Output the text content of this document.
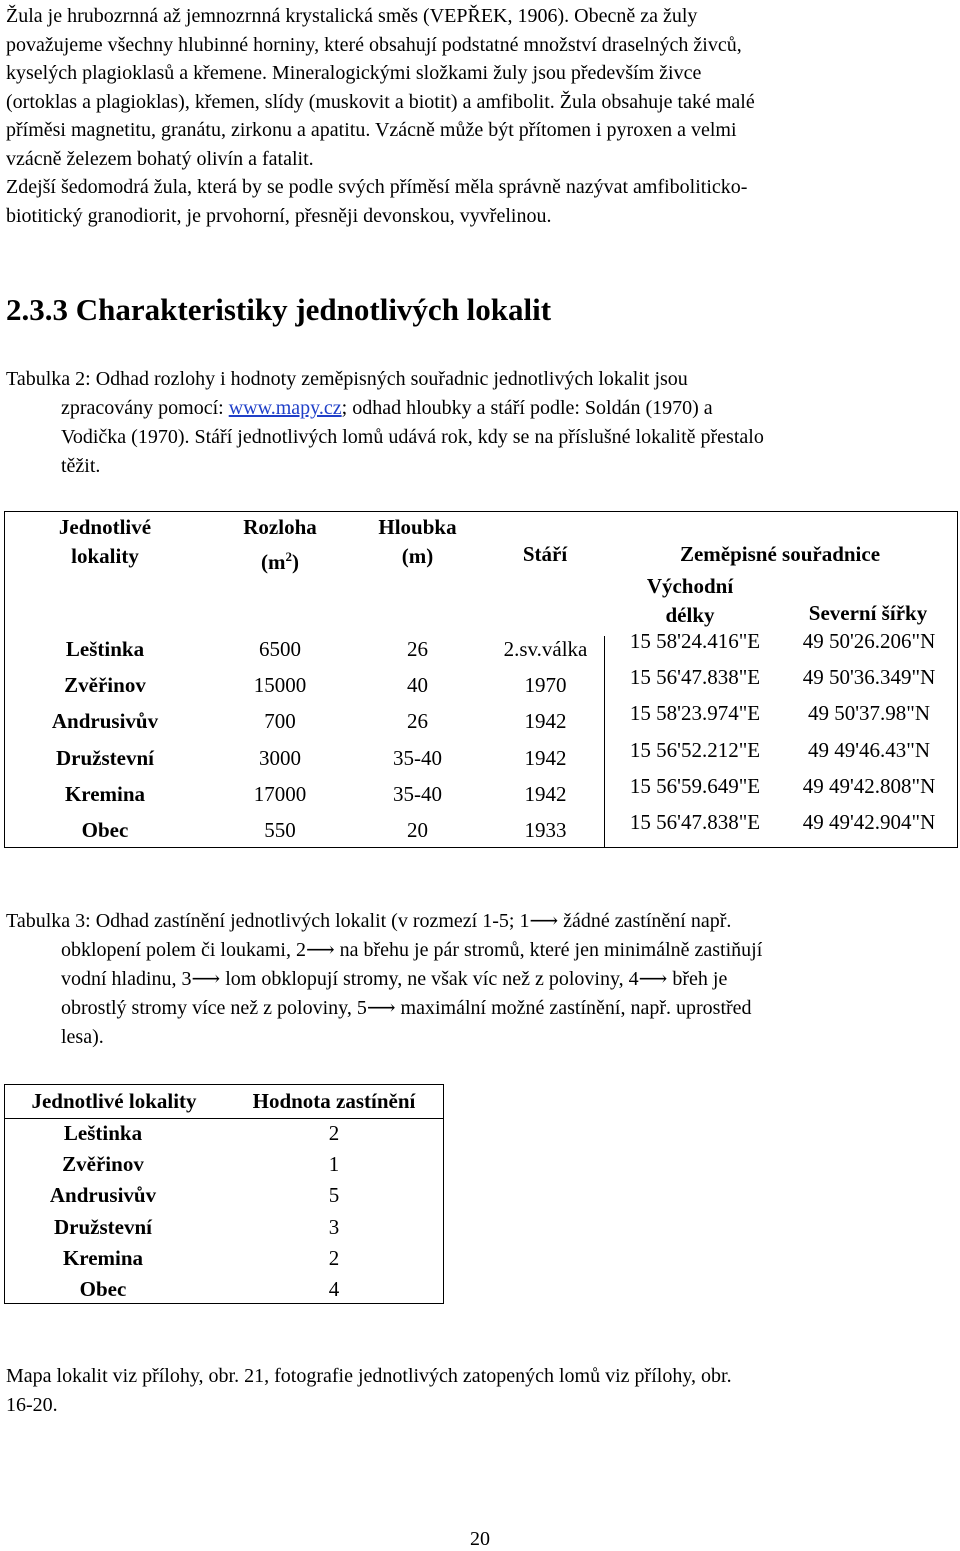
Žula je hrubozrnná až jemnozrnná krystalická směs (VEPŘEK, 1906). Obecně za žuly
považujeme všechny hlubinné horniny, které obsahují podstatné množství draselných živců,
kyselých plagioklasů a křemene. Mineralogickými složkami žuly jsou především živce
(ortoklas a plagioklas), křemen, slídy (muskovit a biotit) a amfibolit. Žula obsahuje také malé
příměsi magnetitu, granátu, zirkonu a apatitu. Vzácně může být přítomen i pyroxen a velmi
vzácně železem bohatý olivín a fatalit.
Zdejší šedomodrá žula, která by se podle svých příměsí měla správně nazývat amfiboliticko-
biotitický granodiorit, je prvohorní, přesněji devonskou, vyvřelinou.
2.3.3 Charakteristiky jednotlivých lokalit
Tabulka 2: Odhad rozlohy i hodnoty zeměpisných souřadnic jednotlivých lokalit jsou
zpracovány pomocí: www.mapy.cz; odhad hloubky a stáří podle: Soldán (1970) a
Vodička (1970). Stáří jednotlivých lomů udává rok, kdy se na příslušné lokalitě přestalo
těžit.
Jednotlivé
lokality
Rozloha
$(m^2)$
Hloubka
(m)	Stáří	Zeměpisné souřadnice
Východní
délky	Severní šířky
Leštinka	6500	26	2.sv.válka	15 58'24.416"E	49 50'26.206"N
Zvěřinov	15000	40	1970	15 56'47.838"E	49 50'36.349"N
Andrusivův	700	26	1942	15 58'23.974"E	49 50'37.98"N
Družstevní	3000	35-40	1942	15 56'52.212"E	49 49'46.43"N
Kremina	17000	35-40	1942	15 56'59.649"E	49 49'42.808"N
Obec	550	20	1933	15 56'47.838"E	49 49'42.904"N
Tabulka 3: Odhad zastínění jednotlivých lokalit (v rozmezí 1-5; 1⟶ žádné zastínění např.
obklopení polem či loukami, 2⟶ na břehu je pár stromů, které jen minimálně zastiňují
vodní hladinu, 3⟶ lom obklopují stromy, ne však víc než z poloviny, 4⟶ břeh je
obrostlý stromy více než z poloviny, 5⟶ maximální možné zastínění, např. uprostřed
lesa).
Jednotlivé lokality	Hodnota zastínění
Leštinka	2
Zvěřinov	1
Andrusivův	5
Družstevní	3
Kremina	2
Obec	4
Mapa lokalit viz přílohy, obr. 21, fotografie jednotlivých zatopených lomů viz přílohy, obr.
16-20.
20
